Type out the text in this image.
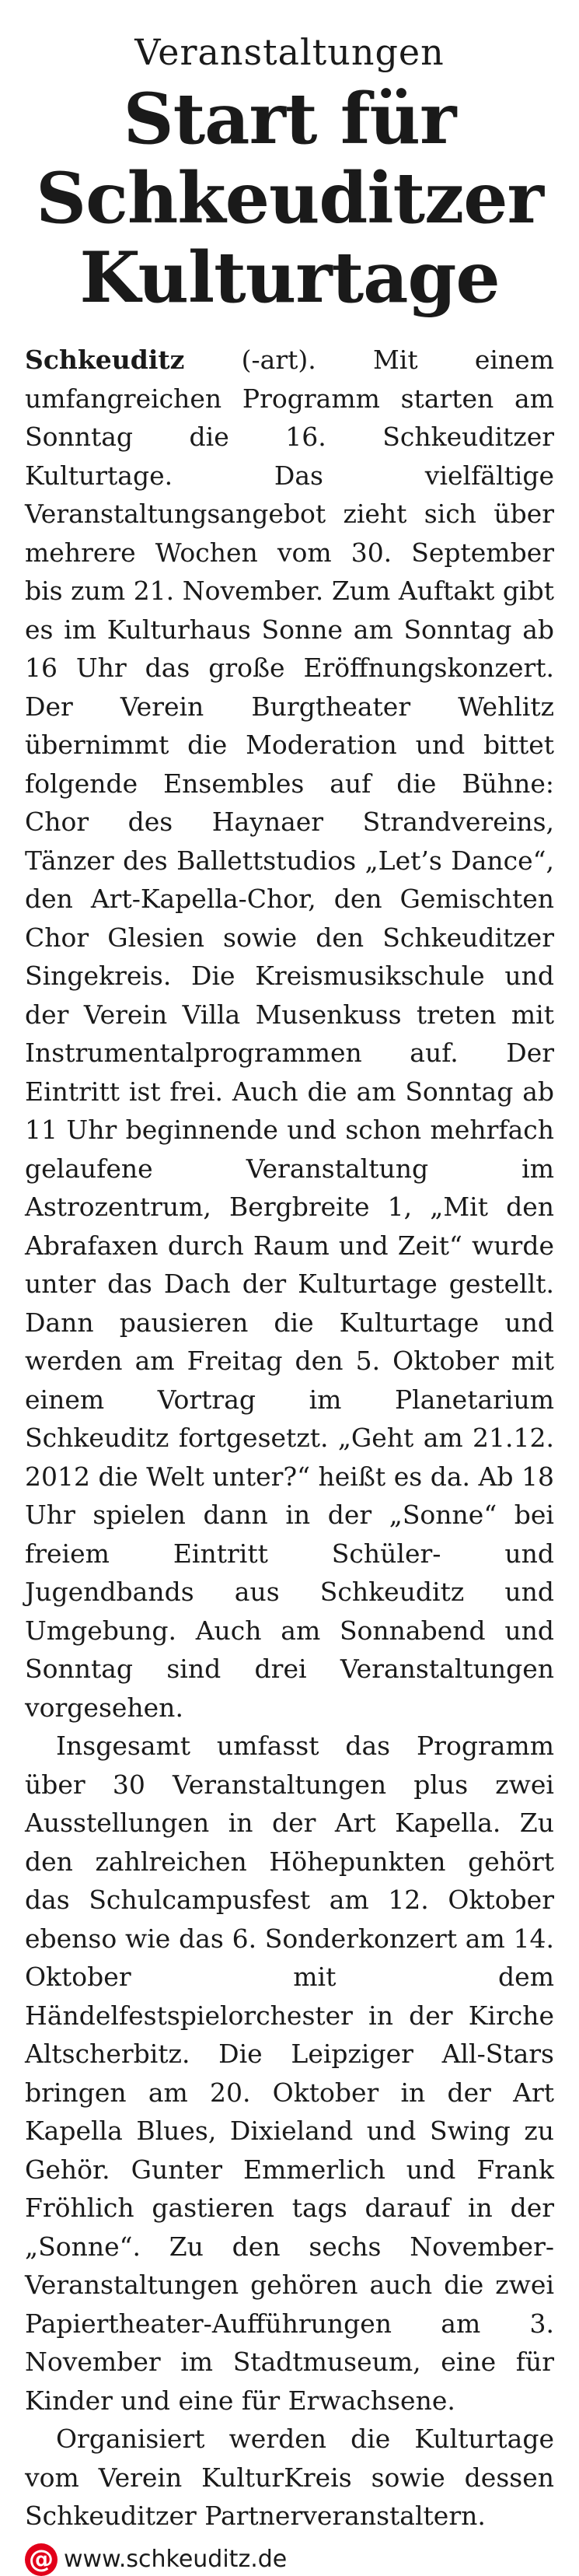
Veranstaltungen
Start für
Schkeuditzer
Kulturtage

Schkeuditz (-art). Mit einem umfangreichen Programm starten am Sonntag die 16. Schkeuditzer Kulturtage. Das vielfältige Veranstaltungsangebot zieht sich über mehrere Wochen vom 30. September bis zum 21. November. Zum Auftakt gibt es im Kulturhaus Sonne am Sonntag ab 16 Uhr das große Eröffnungskonzert. Der Verein Burgtheater Wehlitz übernimmt die Moderation und bittet folgende Ensembles auf die Bühne: Chor des Haynaer Strandvereins, Tänzer des Ballettstudios „Let’s Dance“, den Art-Kapella-Chor, den Gemischten Chor Glesien sowie den Schkeuditzer Singekreis. Die Kreismusikschule und der Verein Villa Musenkuss treten mit Instrumentalprogrammen auf. Der Eintritt ist frei. Auch die am Sonntag ab 11 Uhr beginnende und schon mehrfach gelaufene Veranstaltung im Astrozentrum, Bergbreite 1, „Mit den Abrafaxen durch Raum und Zeit“ wurde unter das Dach der Kulturtage gestellt. Dann pausieren die Kulturtage und werden am Freitag den 5. Oktober mit einem Vortrag im Planetarium Schkeuditz fortgesetzt. „Geht am 21.12. 2012 die Welt unter?“ heißt es da. Ab 18 Uhr spielen dann in der „Sonne“ bei freiem Eintritt Schüler- und Jugendbands aus Schkeuditz und Umgebung. Auch am Sonnabend und Sonntag sind drei Veranstaltungen vorgesehen.

Insgesamt umfasst das Programm über 30 Veranstaltungen plus zwei Ausstellungen in der Art Kapella. Zu den zahlreichen Höhepunkten gehört das Schulcampusfest am 12. Oktober ebenso wie das 6. Sonderkonzert am 14. Oktober mit dem Händelfestspielorchester in der Kirche Altscherbitz. Die Leipziger All-Stars bringen am 20. Oktober in der Art Kapella Blues, Dixieland und Swing zu Gehör. Gunter Emmerlich und Frank Fröhlich gastieren tags darauf in der „Sonne“. Zu den sechs November-Veranstaltungen gehören auch die zwei Papiertheater-Aufführungen am 3. November im Stadtmuseum, eine für Kinder und eine für Erwachsene.

Organisiert werden die Kulturtage vom Verein KulturKreis sowie dessen Schkeuditzer Partnerveranstaltern.

@ www.schkeuditz.de
